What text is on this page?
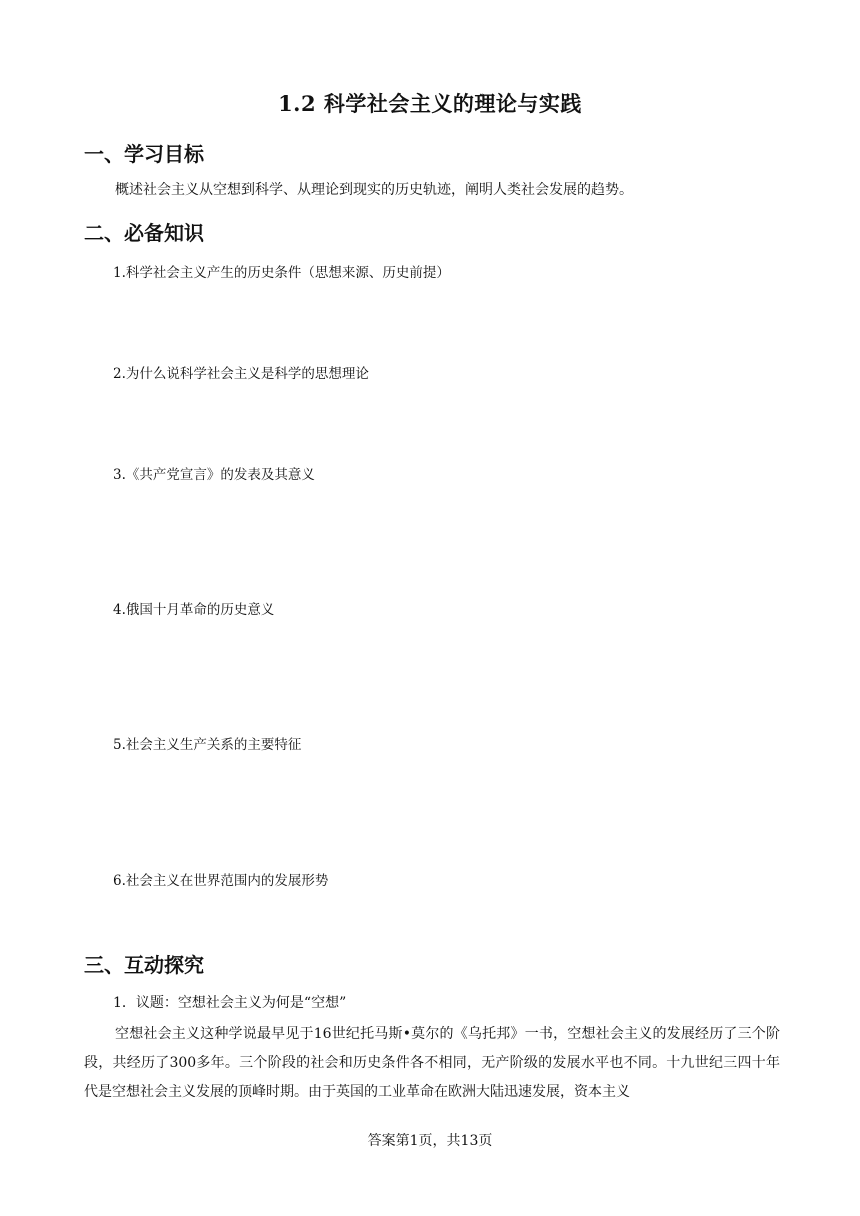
1.2 科学社会主义的理论与实践
一、学习目标

概述社会主义从空想到科学、从理论到现实的历史轨迹，阐明人类社会发展的趋势。

二、必备知识

1.科学社会主义产生的历史条件（思想来源、历史前提）

2.为什么说科学社会主义是科学的思想理论

3.《共产党宣言》的发表及其意义

4.俄国十月革命的历史意义

5.社会主义生产关系的主要特征

6.社会主义在世界范围内的发展形势

三、互动探究

1．议题：空想社会主义为何是“空想”

空想社会主义这种学说最早见于16世纪托马斯•莫尔的《乌托邦》一书，空想社会主义的发展经历了三个阶段，共经历了300多年。三个阶段的社会和历史条件各不相同，无产阶级的发展水平也不同。十九世纪三四十年代是空想社会主义发展的顶峰时期。由于英国的工业革命在欧洲大陆迅速发展，资本主义

答案第1页，共13页
